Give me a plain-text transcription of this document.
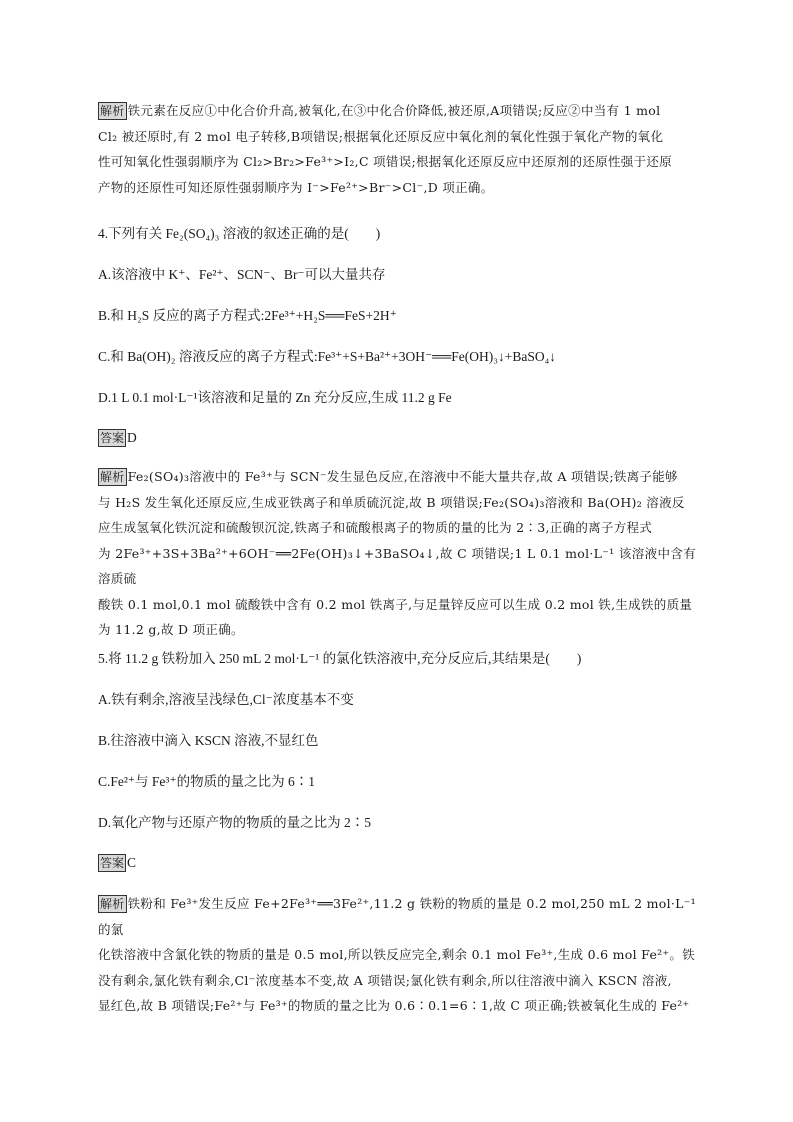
解析 铁元素在反应①中化合价升高,被氧化,在③中化合价降低,被还原,A项错误;反应②中当有 1 mol
Cl₂ 被还原时,有 2 mol 电子转移,B项错误;根据氧化还原反应中氧化剂的氧化性强于氧化产物的氧化
性可知氧化性强弱顺序为 Cl₂>Br₂>Fe³⁺>I₂,C 项错误;根据氧化还原反应中还原剂的还原性强于还原
产物的还原性可知还原性强弱顺序为 I⁻>Fe²⁺>Br⁻>Cl⁻,D 项正确。
4.下列有关 Fe₂(SO₄)₃ 溶液的叙述正确的是(　　)
A.该溶液中 K⁺、Fe²⁺、SCN⁻、Br⁻可以大量共存
B.和 H₂S 反应的离子方程式:2Fe³⁺+H₂S══FeS+2H⁺
C.和 Ba(OH)₂ 溶液反应的离子方程式:Fe³⁺+S+Ba²⁺+3OH⁻══Fe(OH)₃↓+BaSO₄↓
D.1 L 0.1 mol·L⁻¹该溶液和足量的 Zn 充分反应,生成 11.2 g Fe
答案 D
解析 Fe₂(SO₄)₃溶液中的 Fe³⁺与 SCN⁻发生显色反应,在溶液中不能大量共存,故 A 项错误;铁离子能够
与 H₂S 发生氧化还原反应,生成亚铁离子和单质硫沉淀,故 B 项错误;Fe₂(SO₄)₃溶液和 Ba(OH)₂ 溶液反
应生成氢氧化铁沉淀和硫酸钡沉淀,铁离子和硫酸根离子的物质的量的比为 2∶3,正确的离子方程式
为 2Fe³⁺+3S+3Ba²⁺+6OH⁻══2Fe(OH)₃↓+3BaSO₄↓,故 C 项错误;1 L 0.1 mol·L⁻¹ 该溶液中含有溶质硫
酸铁 0.1 mol,0.1 mol 硫酸铁中含有 0.2 mol 铁离子,与足量锌反应可以生成 0.2 mol 铁,生成铁的质量
为 11.2 g,故 D 项正确。
5.将 11.2 g 铁粉加入 250 mL 2 mol·L⁻¹ 的氯化铁溶液中,充分反应后,其结果是(　　)
A.铁有剩余,溶液呈浅绿色,Cl⁻浓度基本不变
B.往溶液中滴入 KSCN 溶液,不显红色
C.Fe²⁺与 Fe³⁺的物质的量之比为 6∶1
D.氧化产物与还原产物的物质的量之比为 2∶5
答案 C
解析 铁粉和 Fe³⁺发生反应 Fe+2Fe³⁺══3Fe²⁺,11.2 g 铁粉的物质的量是 0.2 mol,250 mL 2 mol·L⁻¹ 的氯
化铁溶液中含氯化铁的物质的量是 0.5 mol,所以铁反应完全,剩余 0.1 mol Fe³⁺,生成 0.6 mol Fe²⁺。铁
没有剩余,氯化铁有剩余,Cl⁻浓度基本不变,故 A 项错误;氯化铁有剩余,所以往溶液中滴入 KSCN 溶液,
显红色,故 B 项错误;Fe²⁺与 Fe³⁺的物质的量之比为 0.6∶0.1=6∶1,故 C 项正确;铁被氧化生成的 Fe²⁺
